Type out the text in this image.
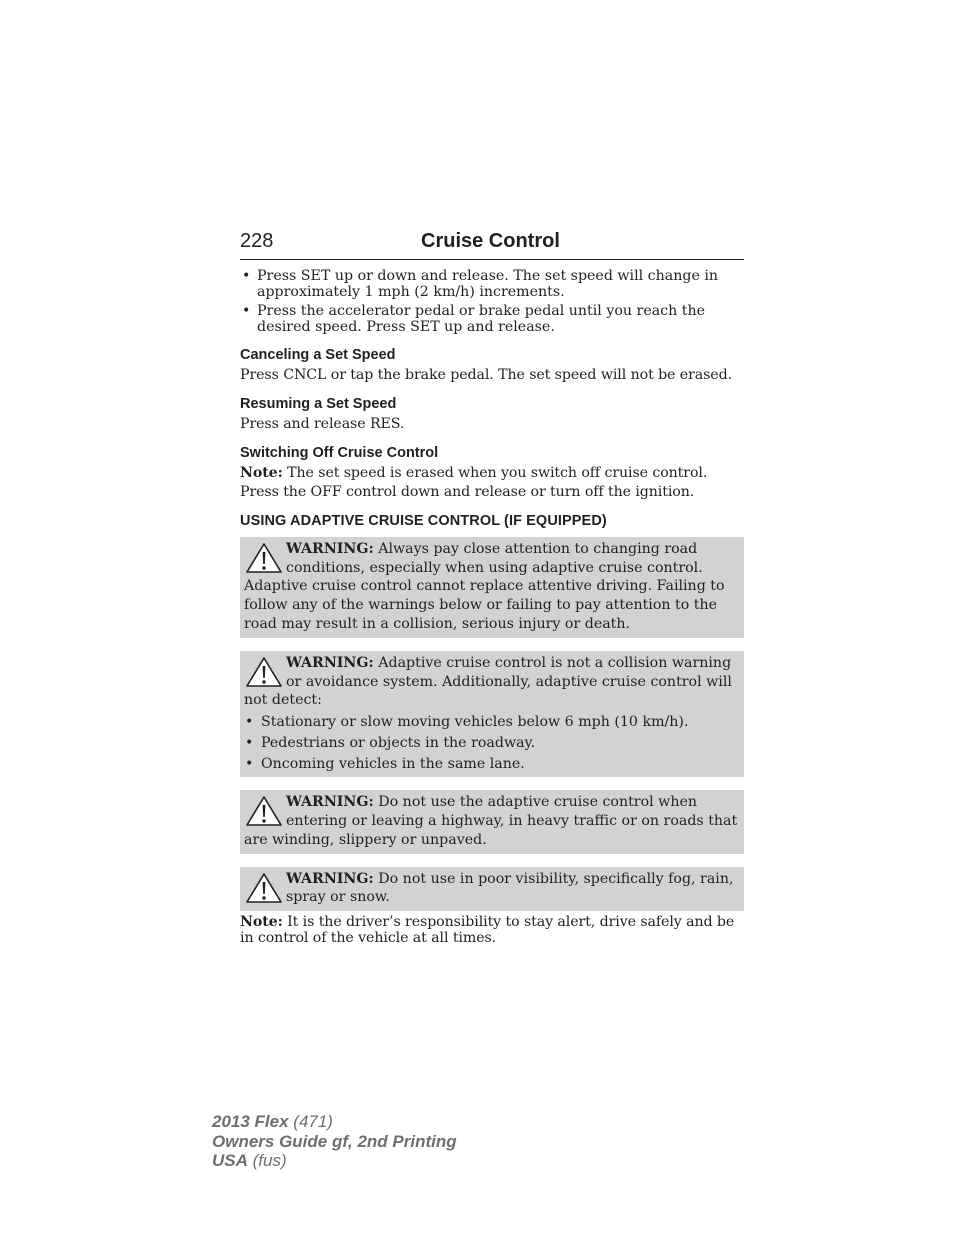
228	Cruise Control
• Press SET up or down and release. The set speed will change in approximately 1 mph (2 km/h) increments.
• Press the accelerator pedal or brake pedal until you reach the desired speed. Press SET up and release.
Canceling a Set Speed

Press CNCL or tap the brake pedal. The set speed will not be erased.

Resuming a Set Speed

Press and release RES.

Switching Off Cruise Control

Note: The set speed is erased when you switch off cruise control.

Press the OFF control down and release or turn off the ignition.

USING ADAPTIVE CRUISE CONTROL (IF EQUIPPED)
WARNING: Always pay close attention to changing road conditions, especially when using adaptive cruise control. Adaptive cruise control cannot replace attentive driving. Failing to follow any of the warnings below or failing to pay attention to the road may result in a collision, serious injury or death.
WARNING: Adaptive cruise control is not a collision warning or avoidance system. Additionally, adaptive cruise control will not detect:
• Stationary or slow moving vehicles below 6 mph (10 km/h).
• Pedestrians or objects in the roadway.
• Oncoming vehicles in the same lane.
WARNING: Do not use the adaptive cruise control when entering or leaving a highway, in heavy traffic or on roads that are winding, slippery or unpaved.
WARNING: Do not use in poor visibility, specifically fog, rain, spray or snow.

Note: It is the driver’s responsibility to stay alert, drive safely and be in control of the vehicle at all times.

2013 Flex (471)
Owners Guide gf, 2nd Printing
USA (fus)
